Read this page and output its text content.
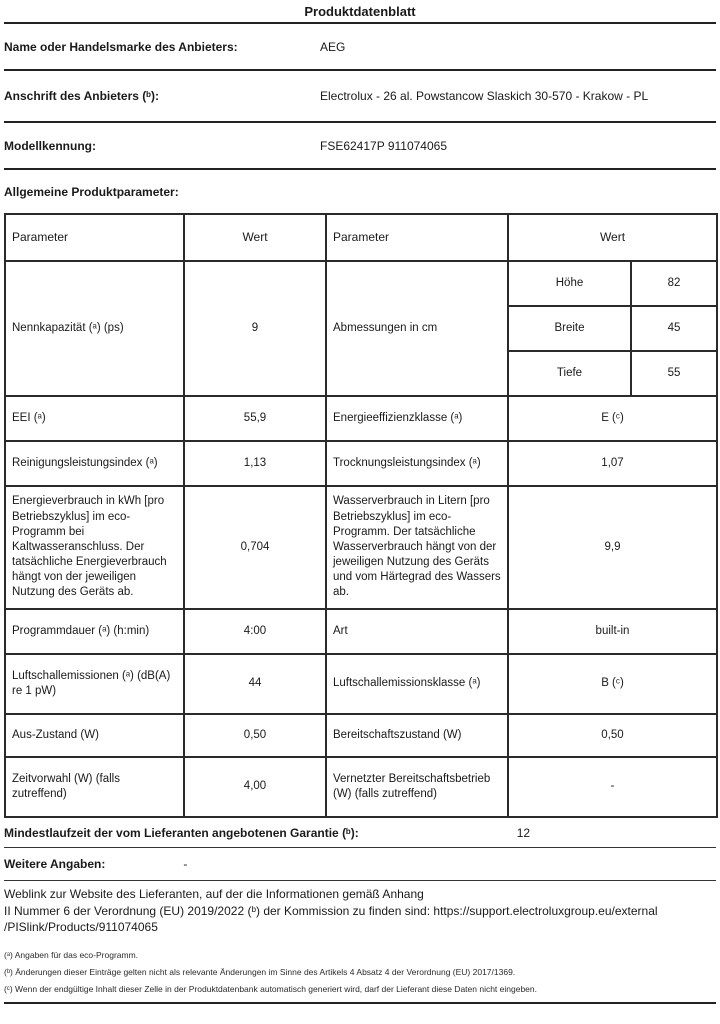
Produktdatenblatt
Name oder Handelsmarke des Anbieters:	AEG
Anschrift des Anbieters (ᵇ):	Electrolux - 26 al. Powstancow Slaskich 30-570 - Krakow - PL
Modellkennung:	FSE62417P 911074065
Allgemeine Produktparameter:
Parameter	Wert	Parameter	Wert	
Nennkapazität (ᵃ) (ps)	9	Abmessungen in cm	Höhe	82
			Breite	45
			Tiefe	55
EEI (ᵃ)	55,9	Energieeffizienzklasse (ᵃ)	E (ᶜ)	
Reinigungsleistungsindex (ᵃ)	1,13	Trocknungsleistungsindex (ᵃ)	1,07	
Energieverbrauch in kWh [pro Betriebszyklus] im eco-Programm bei Kaltwasseranschluss. Der tatsächliche Energieverbrauch hängt von der jeweiligen Nutzung des Geräts ab.	0,704	Wasserverbrauch in Litern [pro Betriebszyklus] im eco-Programm. Der tatsächliche Wasserverbrauch hängt von der jeweiligen Nutzung des Geräts und vom Härtegrad des Wassers ab.	9,9	
Programmdauer (ᵃ) (h:min)	4:00	Art	built-in	
Luftschallemissionen (ᵃ) (dB(A) re 1 pW)	44	Luftschallemissionsklasse (ᵃ)	B (ᶜ)	
Aus-Zustand (W)	0,50	Bereitschaftszustand (W)	0,50	
Zeitvorwahl (W) (falls zutreffend)	4,00	Vernetzter Bereitschaftsbetrieb (W) (falls zutreffend)	-	
Mindestlaufzeit der vom Lieferanten angebotenen Garantie (ᵇ):	12
Weitere Angaben:	-
Weblink zur Website des Lieferanten, auf der die Informationen gemäß Anhang
II Nummer 6 der Verordnung (EU) 2019/2022 (ᵇ) der Kommission zu finden sind: https://support.electroluxgroup.eu/external
/PISlink/Products/911074065
(ᵃ) Angaben für das eco-Programm.
(ᵇ) Änderungen dieser Einträge gelten nicht als relevante Änderungen im Sinne des Artikels 4 Absatz 4 der Verordnung (EU) 2017/1369.
(ᶜ) Wenn der endgültige Inhalt dieser Zelle in der Produktdatenbank automatisch generiert wird, darf der Lieferant diese Daten nicht eingeben.
